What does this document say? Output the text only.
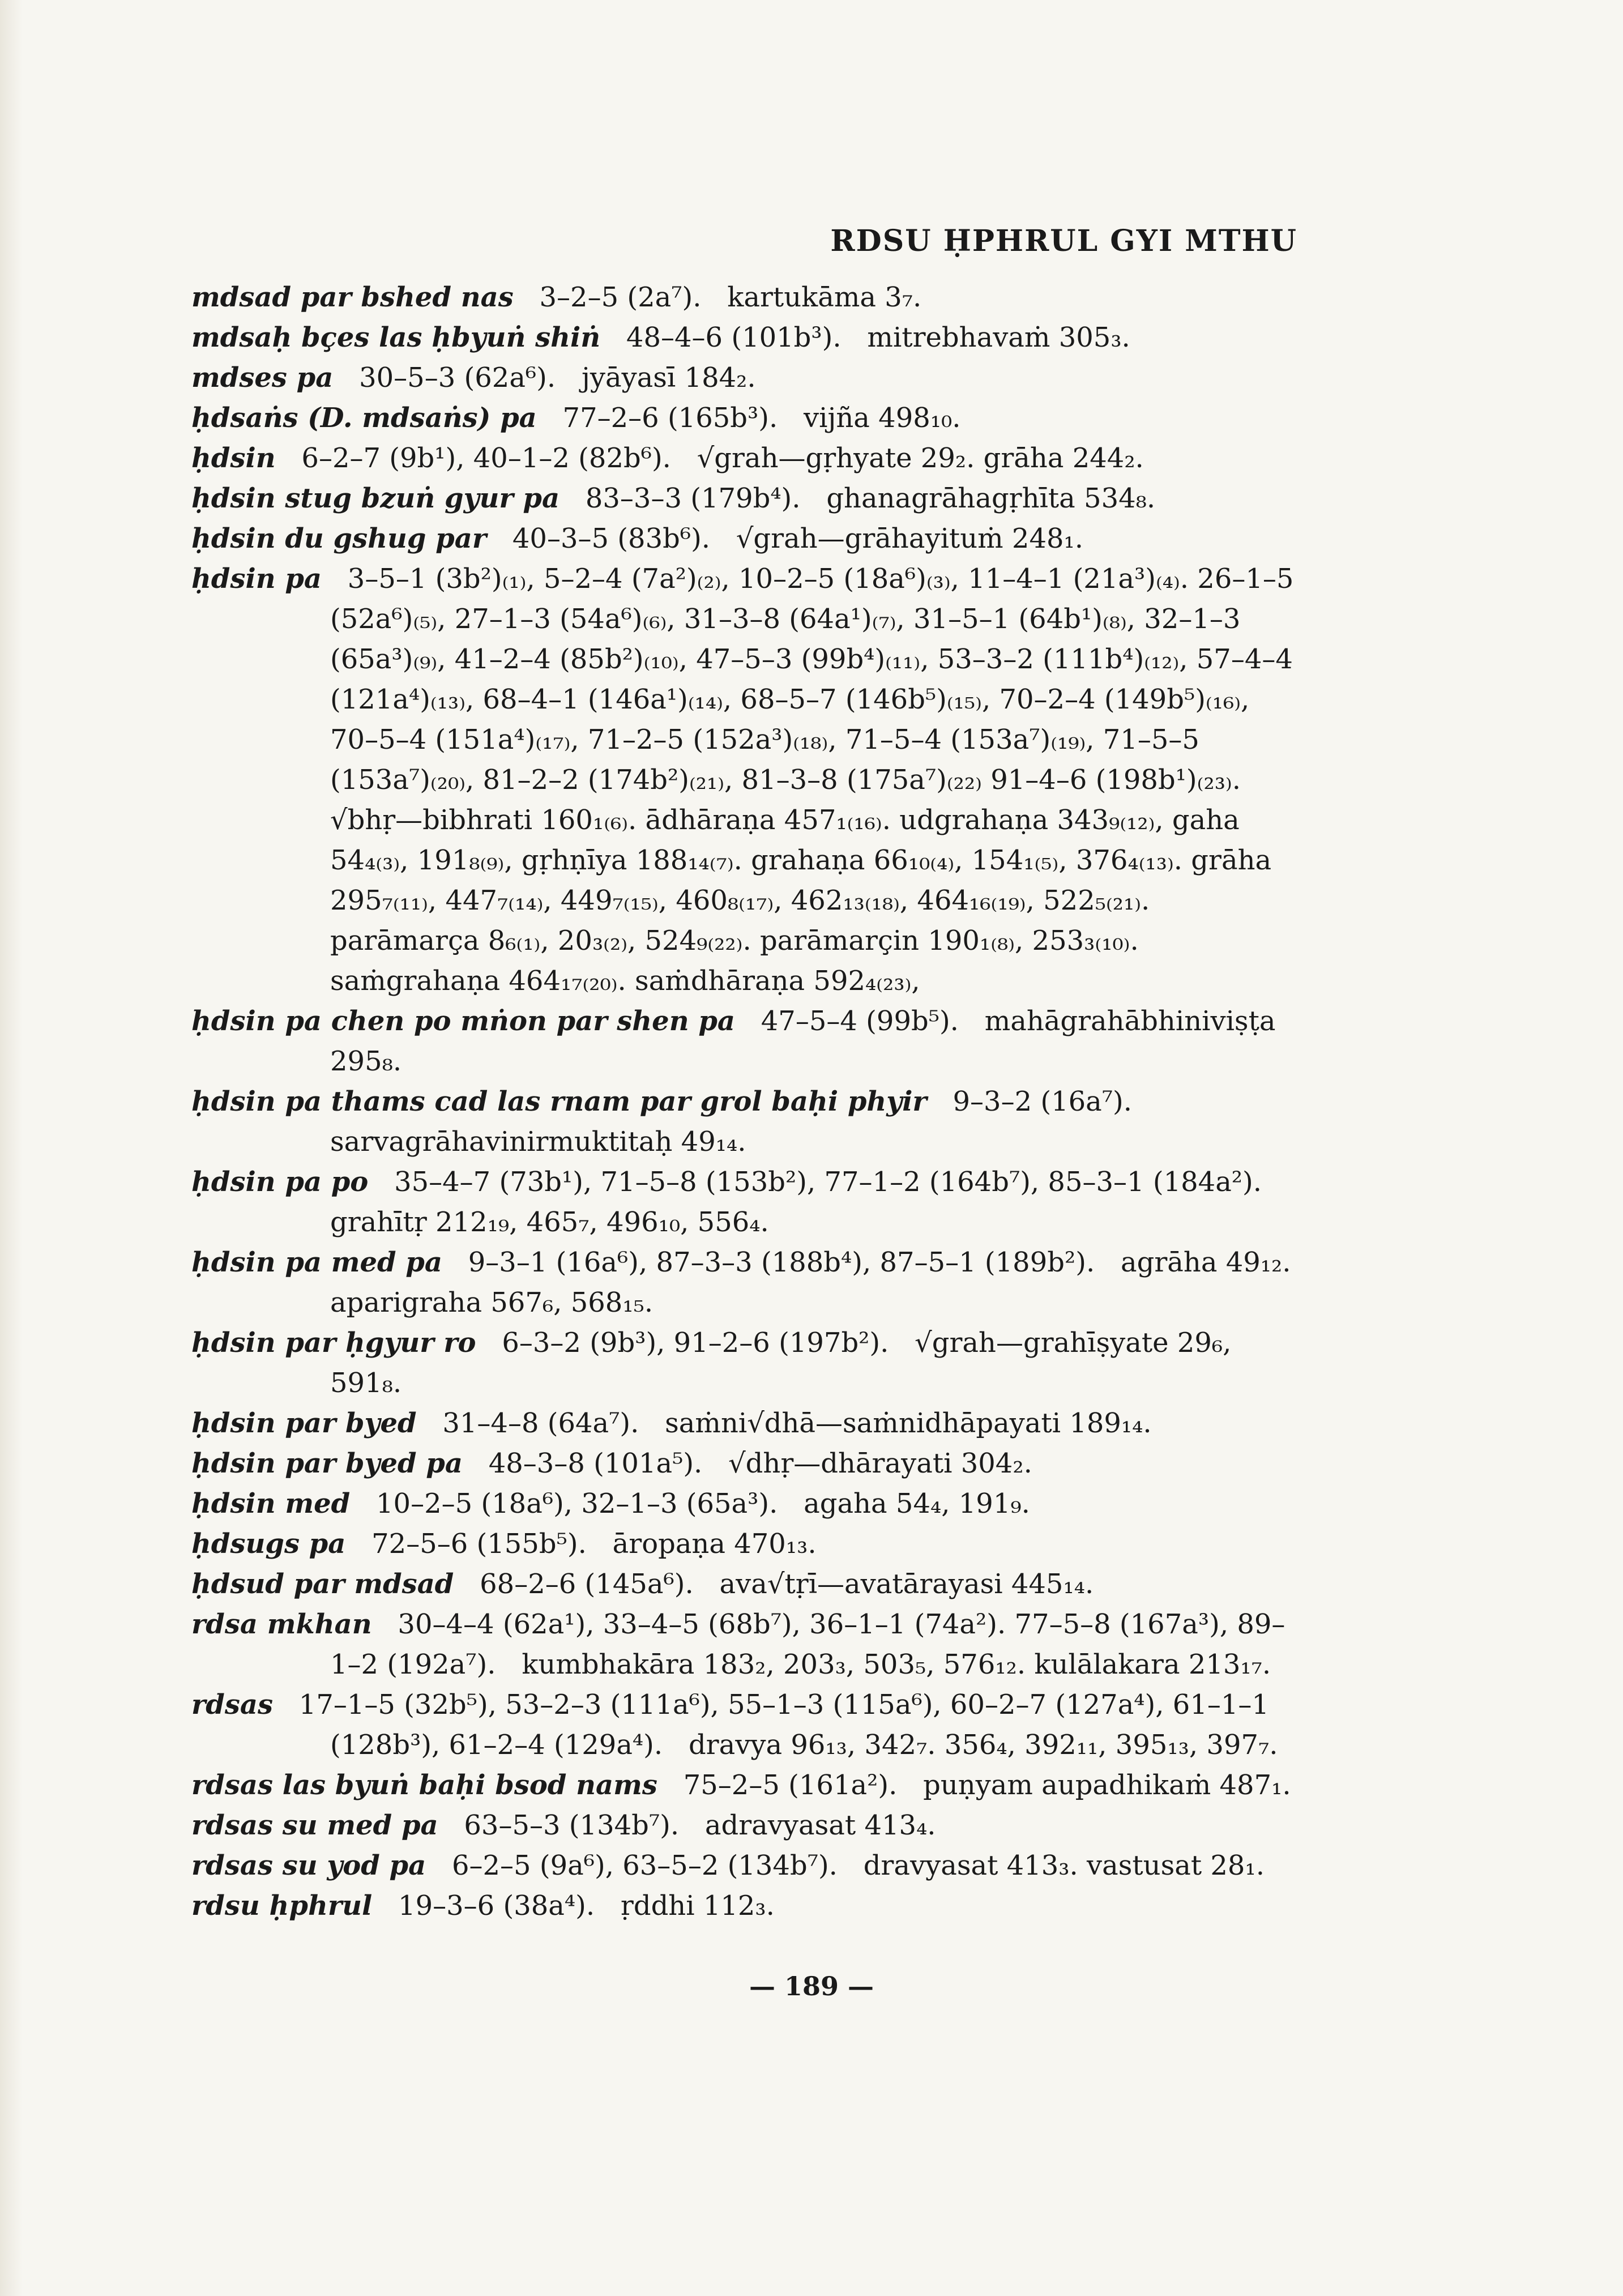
RDSU ḤPHRUL GYI MTHU

mdsad par bshed nas 3–2–5 (2a⁷). kartukāma 3₇.

mdsaḥ bçes las ḥbyuṅ shiṅ 48–4–6 (101b³). mitrebhavaṁ 305₃.

mdses pa 30–5–3 (62a⁶). jyāyasī 184₂.

ḥdsaṅs (D. mdsaṅs) pa 77–2–6 (165b³). vijña 498₁₀.

ḥdsin 6–2–7 (9b¹), 40–1–2 (82b⁶). √grah—gṛhyate 29₂. grāha 244₂.

ḥdsin stug bzuṅ gyur pa 83–3–3 (179b⁴). ghanagrāhagṛhīta 534₈.

ḥdsin du gshug par 40–3–5 (83b⁶). √grah—grāhayituṁ 248₁.

ḥdsin pa 3–5–1 (3b²)₍₁₎, 5–2–4 (7a²)₍₂₎, 10–2–5 (18a⁶)₍₃₎, 11–4–1 (21a³)₍₄₎. 26–1–5 (52a⁶)₍₅₎, 27–1–3 (54a⁶)₍₆₎, 31–3–8 (64a¹)₍₇₎, 31–5–1 (64b¹)₍₈₎, 32–1–3 (65a³)₍₉₎, 41–2–4 (85b²)₍₁₀₎, 47–5–3 (99b⁴)₍₁₁₎, 53–3–2 (111b⁴)₍₁₂₎, 57–4–4 (121a⁴)₍₁₃₎, 68–4–1 (146a¹)₍₁₄₎, 68–5–7 (146b⁵)₍₁₅₎, 70–2–4 (149b⁵)₍₁₆₎, 70–5–4 (151a⁴)₍₁₇₎, 71–2–5 (152a³)₍₁₈₎, 71–5–4 (153a⁷)₍₁₉₎, 71–5–5 (153a⁷)₍₂₀₎, 81–2–2 (174b²)₍₂₁₎, 81–3–8 (175a⁷)₍₂₂₎ 91–4–6 (198b¹)₍₂₃₎.   √bhṛ—bibhrati 160₁₍₆₎. ādhāraṇa 457₁₍₁₆₎. udgrahaṇa 343₉₍₁₂₎, gaha 54₄₍₃₎, 191₈₍₉₎, gṛhṇīya 188₁₄₍₇₎. grahaṇa 66₁₀₍₄₎, 154₁₍₅₎, 376₄₍₁₃₎. grāha 295₇₍₁₁₎, 447₇₍₁₄₎, 449₇₍₁₅₎, 460₈₍₁₇₎, 462₁₃₍₁₈₎, 464₁₆₍₁₉₎, 522₅₍₂₁₎. parāmarça 8₆₍₁₎, 20₃₍₂₎, 524₉₍₂₂₎. parāmarçin 190₁₍₈₎, 253₃₍₁₀₎. saṁgrahaṇa 464₁₇₍₂₀₎. saṁdhāraṇa 592₄₍₂₃₎,

ḥdsin pa chen po mṅon par shen pa 47–5–4 (99b⁵). mahāgrahābhiniviṣṭa 295₈.

ḥdsin pa thams cad las rnam par grol baḥi phyir 9–3–2 (16a⁷).   sarvagrāhavinirmuktitaḥ 49₁₄.

ḥdsin pa po 35–4–7 (73b¹), 71–5–8 (153b²), 77–1–2 (164b⁷), 85–3–1 (184a²).   grahītṛ 212₁₉, 465₇, 496₁₀, 556₄.

ḥdsin pa med pa 9–3–1 (16a⁶), 87–3–3 (188b⁴), 87–5–1 (189b²). agrāha 49₁₂. aparigraha 567₆, 568₁₅.

ḥdsin par ḥgyur ro 6–3–2 (9b³), 91–2–6 (197b²). √grah—grahīṣyate 29₆, 591₈.

ḥdsin par byed 31–4–8 (64a⁷). saṁni√dhā—saṁnidhāpayati 189₁₄.

ḥdsin par byed pa 48–3–8 (101a⁵). √dhṛ—dhārayati 304₂.

ḥdsin med 10–2–5 (18a⁶), 32–1–3 (65a³). agaha 54₄, 191₉.

ḥdsugs pa 72–5–6 (155b⁵). āropaṇa 470₁₃.

ḥdsud par mdsad 68–2–6 (145a⁶). ava√tṛī—avatārayasi 445₁₄.

rdsa mkhan 30–4–4 (62a¹), 33–4–5 (68b⁷), 36–1–1 (74a²). 77–5–8 (167a³), 89–1–2 (192a⁷). kumbhakāra 183₂, 203₃, 503₅, 576₁₂. kulālakara 213₁₇.

rdsas 17–1–5 (32b⁵), 53–2–3 (111a⁶), 55–1–3 (115a⁶), 60–2–7 (127a⁴), 61–1–1 (128b³), 61–2–4 (129a⁴). dravya 96₁₃, 342₇. 356₄, 392₁₁, 395₁₃, 397₇.

rdsas las byuṅ baḥi bsod nams 75–2–5 (161a²). puṇyam aupadhikaṁ 487₁.

rdsas su med pa 63–5–3 (134b⁷). adravyasat 413₄.

rdsas su yod pa 6–2–5 (9a⁶), 63–5–2 (134b⁷). dravyasat 413₃. vastusat 28₁.

rdsu ḥphrul 19–3–6 (38a⁴). ṛddhi 112₃.

— 189 —
